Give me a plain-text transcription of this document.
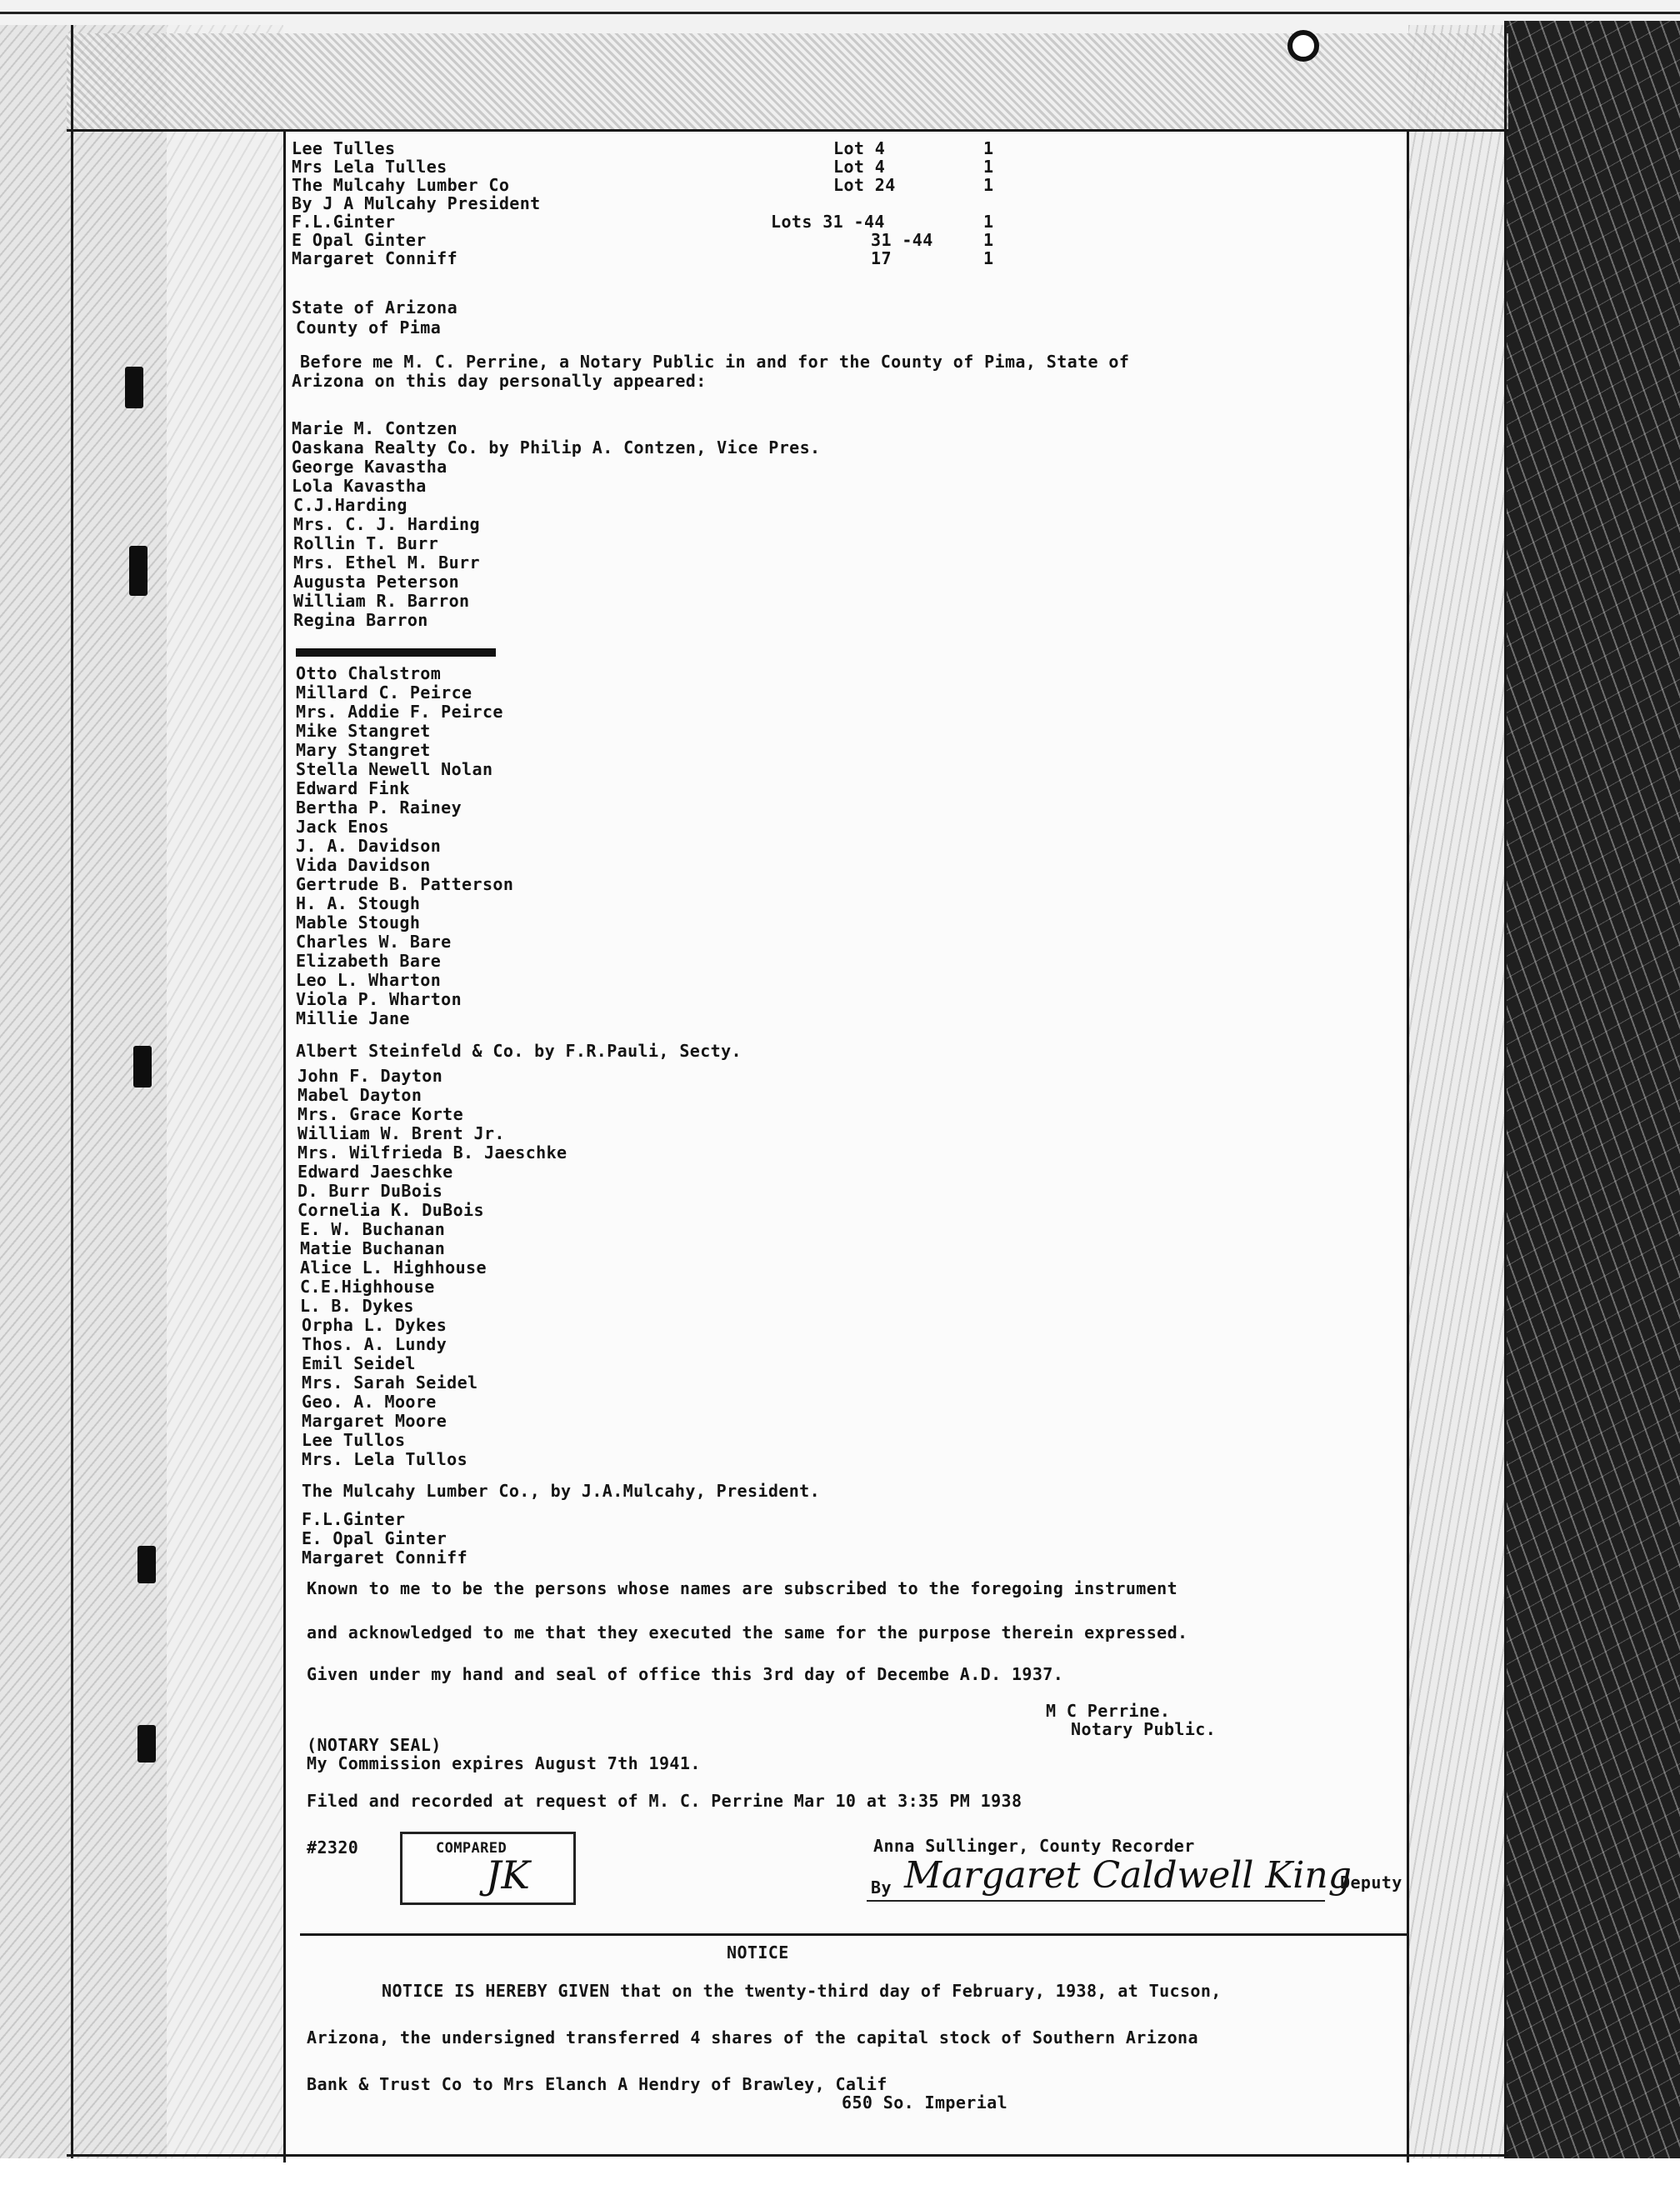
Lee Tulles	Lot 4	1
Mrs Lela Tulles	Lot 4	1
The Mulcahy Lumber Co	Lot 24	1
By J A Mulcahy President
F.L.Ginter	Lots 31 -44	1
E Opal Ginter	31 -44	1
Margaret Conniff	17	1
State of Arizona
County of Pima
Before me M. C. Perrine, a Notary Public in and for the County of Pima, State of
Arizona on this day personally appeared:
Marie M. Contzen
Oaskana Realty Co. by Philip A. Contzen, Vice Pres.
George Kavastha
Lola Kavastha
C.J.Harding
Mrs. C. J. Harding
Rollin T. Burr
Mrs. Ethel M. Burr
Augusta Peterson
William R. Barron
Regina Barron
Otto Chalstrom
Millard C. Peirce
Mrs. Addie F. Peirce
Mike Stangret
Mary Stangret
Stella Newell Nolan
Edward Fink
Bertha P. Rainey
Jack Enos
J. A. Davidson
Vida Davidson
Gertrude B. Patterson
H. A. Stough
Mable Stough
Charles W. Bare
Elizabeth Bare
Leo L. Wharton
Viola P. Wharton
Millie Jane
Albert Steinfeld & Co. by F.R.Pauli, Secty.
John F. Dayton
Mabel Dayton
Mrs. Grace Korte
William W. Brent Jr.
Mrs. Wilfrieda B. Jaeschke
Edward Jaeschke
D. Burr DuBois
Cornelia K. DuBois
E. W. Buchanan
Matie Buchanan
Alice L. Highhouse
C.E.Highhouse
L. B. Dykes
Orpha L. Dykes
Thos. A. Lundy
Emil Seidel
Mrs. Sarah Seidel
Geo. A. Moore
Margaret Moore
Lee Tullos
Mrs. Lela Tullos
The Mulcahy Lumber Co., by J.A.Mulcahy, President.
F.L.Ginter
E. Opal Ginter
Margaret Conniff
Known to me to be the persons whose names are subscribed to the foregoing instrument
and acknowledged to me that they executed the same for the purpose therein expressed.
Given under my hand and seal of office this 3rd day of Decembe A.D. 1937.
M C Perrine.
Notary Public.
(NOTARY SEAL)
My Commission expires August 7th 1941.
Filed and recorded at request of M. C. Perrine Mar 10 at 3:35 PM 1938
#2320	COMPARED
JK
Anna Sullinger, County Recorder
By Margaret Caldwell King
Deputy
NOTICE
NOTICE IS HEREBY GIVEN that on the twenty-third day of February, 1938, at Tucson,
Arizona, the undersigned transferred 4 shares of the capital stock of Southern Arizona
Bank & Trust Co to Mrs Elanch A Hendry of Brawley, Calif
650 So. Imperial
